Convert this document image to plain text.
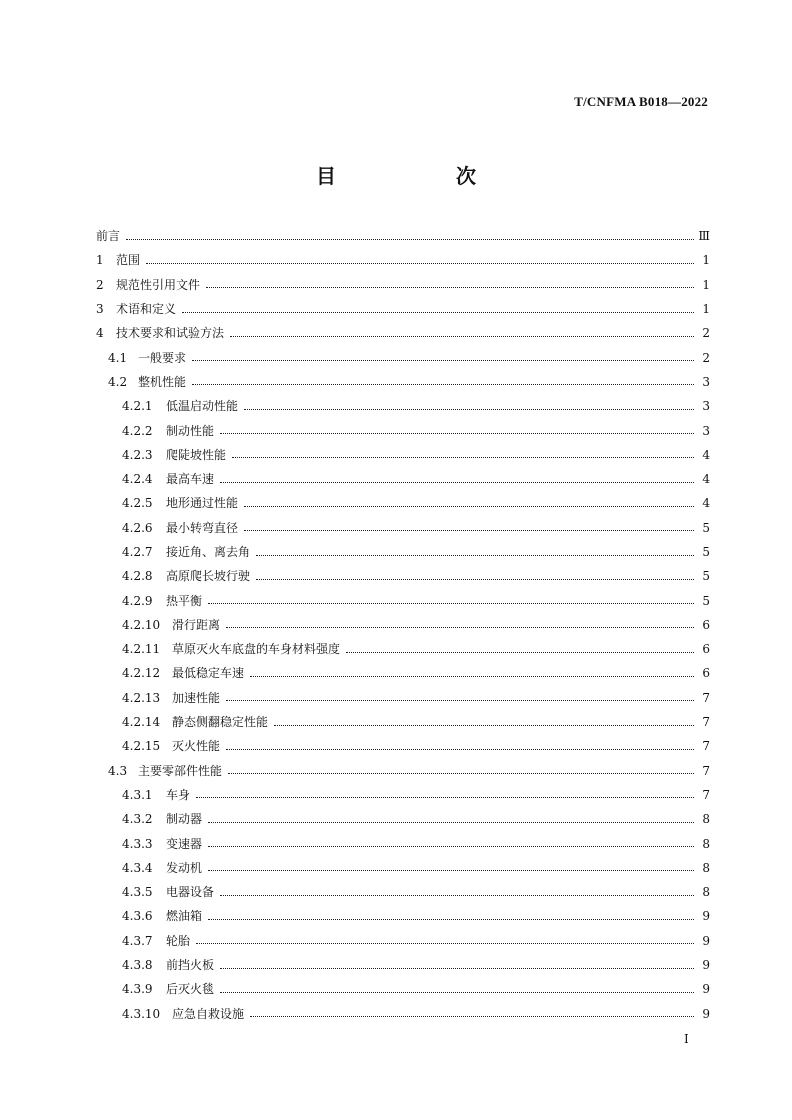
T/CNFMA B018—2022
目　次
前言	Ⅲ
1	范围	1
2	规范性引用文件	1
3	术语和定义	1
4	技术要求和试验方法	2
4.1 一般要求	2
4.2 整机性能	3
4.2.1	低温启动性能	3
4.2.2	制动性能	3
4.2.3	爬陡坡性能	4
4.2.4	最高车速	4
4.2.5	地形通过性能	4
4.2.6	最小转弯直径	5
4.2.7	接近角、离去角	5
4.2.8	高原爬长坡行驶	5
4.2.9	热平衡	5
4.2.10 滑行距离	6
4.2.11 草原灭火车底盘的车身材料强度	6
4.2.12 最低稳定车速	6
4.2.13 加速性能	7
4.2.14 静态侧翻稳定性能	7
4.2.15 灭火性能	7
4.3 主要零部件性能	7
4.3.1	车身	7
4.3.2	制动器	8
4.3.3	变速器	8
4.3.4	发动机	8
4.3.5	电器设备	8
4.3.6	燃油箱	9
4.3.7	轮胎	9
4.3.8	前挡火板	9
4.3.9	后灭火毯	9
4.3.10 应急自救设施	9
I
